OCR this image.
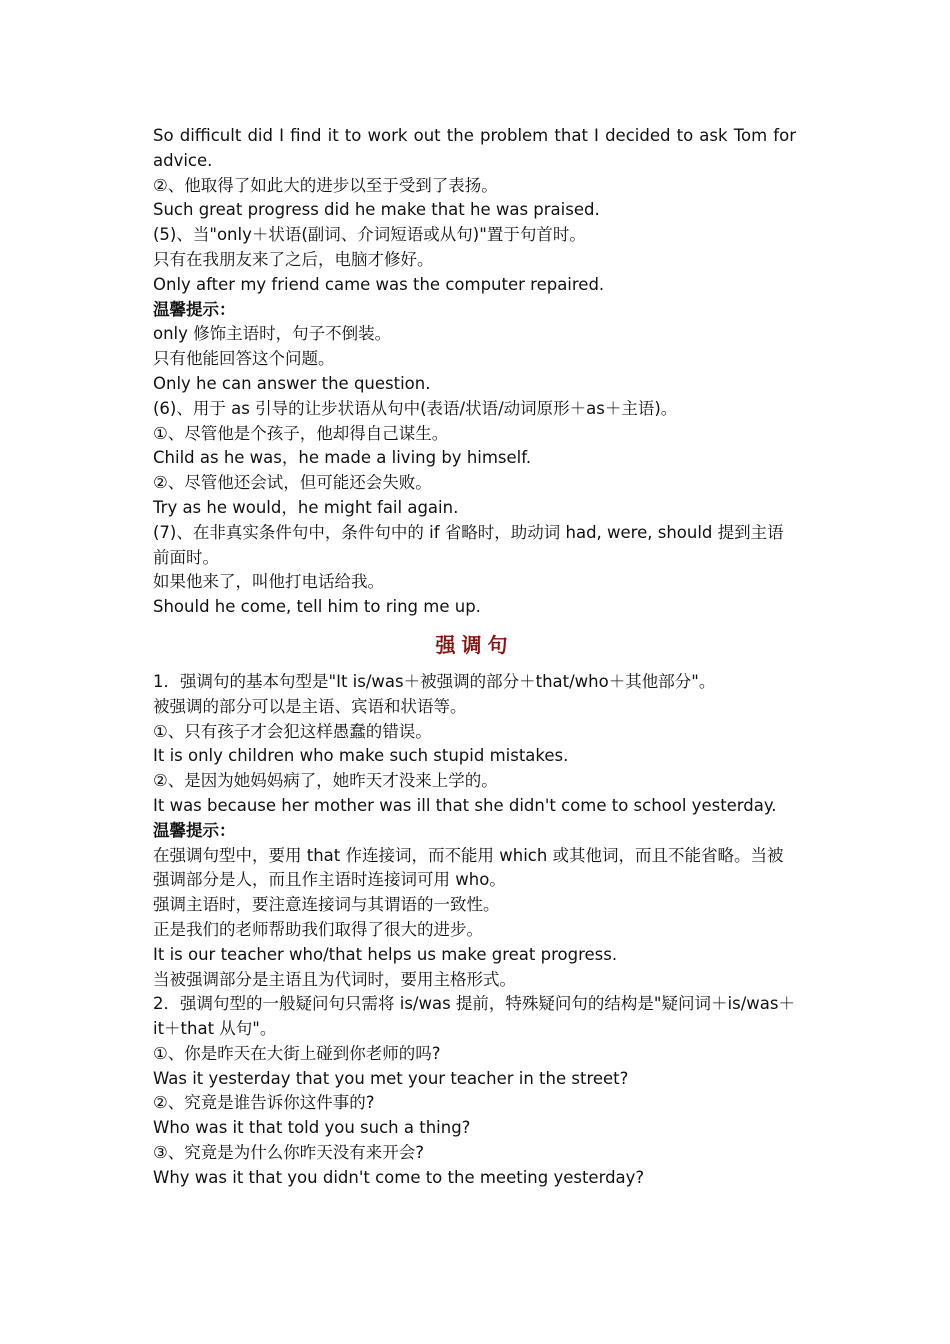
So difficult did I find it to work out the problem that I decided to ask Tom for advice.
②、他取得了如此大的进步以至于受到了表扬。
Such great progress did he make that he was praised.
(5)、当"only＋状语(副词、介词短语或从句)"置于句首时。
只有在我朋友来了之后，电脑才修好。
Only after my friend came was the computer repaired.
温馨提示：
only 修饰主语时，句子不倒装。
只有他能回答这个问题。
Only he can answer the question.
(6)、用于 as 引导的让步状语从句中(表语/状语/动词原形＋as＋主语)。
①、尽管他是个孩子，他却得自己谋生。
Child as he was，he made a living by himself.
②、尽管他还会试，但可能还会失败。
Try as he would，he might fail again.
(7)、在非真实条件句中，条件句中的 if 省略时，助动词 had, were, should 提到主语前面时。
如果他来了，叫他打电话给我。
Should he come, tell him to ring me up.
强调句
1．强调句的基本句型是"It is/was＋被强调的部分＋that/who＋其他部分"。
被强调的部分可以是主语、宾语和状语等。
①、只有孩子才会犯这样愚蠢的错误。
It is only children who make such stupid mistakes.
②、是因为她妈妈病了，她昨天才没来上学的。
It was because her mother was ill that she didn't come to school yesterday.
温馨提示：
在强调句型中，要用 that 作连接词，而不能用 which 或其他词，而且不能省略。当被强调部分是人，而且作主语时连接词可用 who。
强调主语时，要注意连接词与其谓语的一致性。
正是我们的老师帮助我们取得了很大的进步。
It is our teacher who/that helps us make great progress.
当被强调部分是主语且为代词时，要用主格形式。
2．强调句型的一般疑问句只需将 is/was 提前，特殊疑问句的结构是"疑问词＋is/was＋it＋that 从句"。
①、你是昨天在大街上碰到你老师的吗?
Was it yesterday that you met your teacher in the street?
②、究竟是谁告诉你这件事的?
Who was it that told you such a thing?
③、究竟是为什么你昨天没有来开会?
Why was it that you didn't come to the meeting yesterday?
